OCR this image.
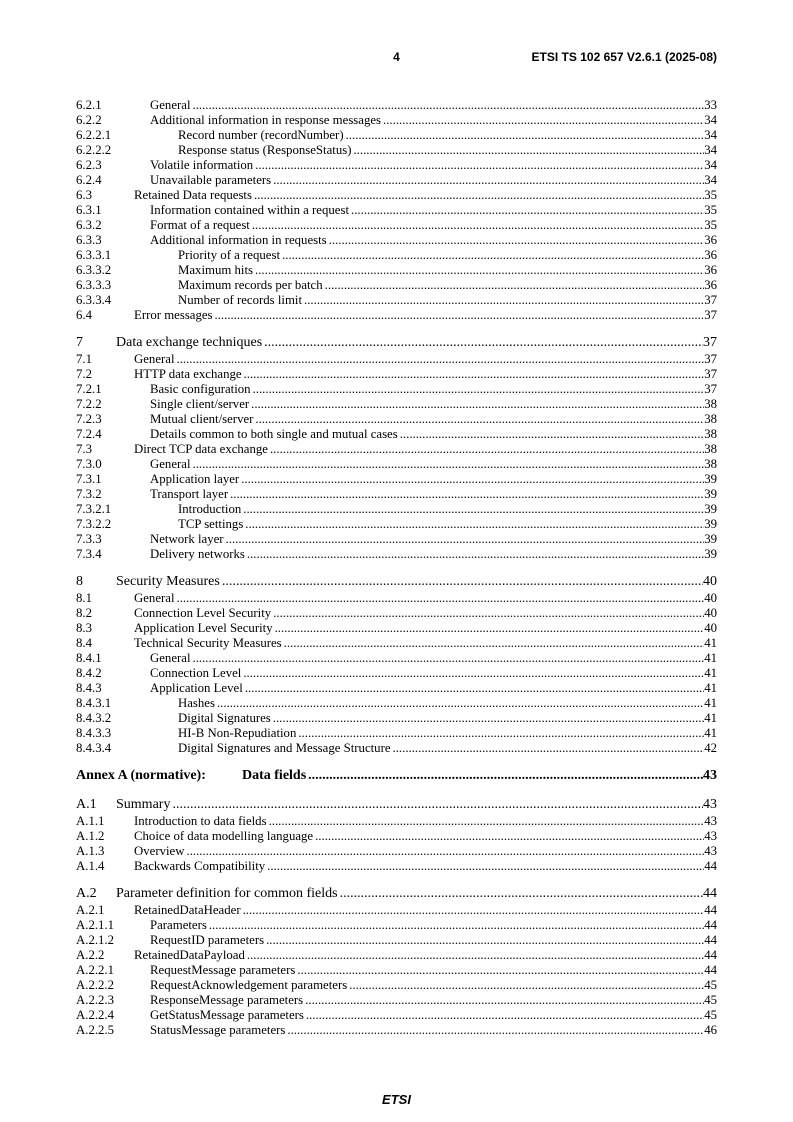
4	ETSI TS 102 657 V2.6.1 (2025-08)
6.2.1	General .....	33
6.2.2	Additional information in response messages .....	34
6.2.2.1	Record number (recordNumber) .....	34
6.2.2.2	Response status (ResponseStatus) .....	34
6.2.3	Volatile information .....	34
6.2.4	Unavailable parameters .....	34
6.3	Retained Data requests .....	35
6.3.1	Information contained within a request .....	35
6.3.2	Format of a request .....	35
6.3.3	Additional information in requests .....	36
6.3.3.1	Priority of a request .....	36
6.3.3.2	Maximum hits .....	36
6.3.3.3	Maximum records per batch .....	36
6.3.3.4	Number of records limit .....	37
6.4	Error messages .....	37
7	Data exchange techniques .....	37
7.1	General .....	37
7.2	HTTP data exchange .....	37
7.2.1	Basic configuration .....	37
7.2.2	Single client/server .....	38
7.2.3	Mutual client/server .....	38
7.2.4	Details common to both single and mutual cases .....	38
7.3	Direct TCP data exchange .....	38
7.3.0	General .....	38
7.3.1	Application layer .....	39
7.3.2	Transport layer .....	39
7.3.2.1	Introduction .....	39
7.3.2.2	TCP settings .....	39
7.3.3	Network layer .....	39
7.3.4	Delivery networks .....	39
8	Security Measures .....	40
8.1	General .....	40
8.2	Connection Level Security .....	40
8.3	Application Level Security .....	40
8.4	Technical Security Measures .....	41
8.4.1	General .....	41
8.4.2	Connection Level .....	41
8.4.3	Application Level .....	41
8.4.3.1	Hashes .....	41
8.4.3.2	Digital Signatures .....	41
8.4.3.3	HI-B Non-Repudiation .....	41
8.4.3.4	Digital Signatures and Message Structure .....	42
Annex A (normative):	Data fields .....	43
A.1	Summary .....	43
A.1.1	Introduction to data fields .....	43
A.1.2	Choice of data modelling language .....	43
A.1.3	Overview .....	43
A.1.4	Backwards Compatibility .....	44
A.2	Parameter definition for common fields .....	44
A.2.1	RetainedDataHeader .....	44
A.2.1.1	Parameters .....	44
A.2.1.2	RequestID parameters .....	44
A.2.2	RetainedDataPayload .....	44
A.2.2.1	RequestMessage parameters .....	44
A.2.2.2	RequestAcknowledgement parameters .....	45
A.2.2.3	ResponseMessage parameters .....	45
A.2.2.4	GetStatusMessage parameters .....	45
A.2.2.5	StatusMessage parameters .....	46
ETSI
